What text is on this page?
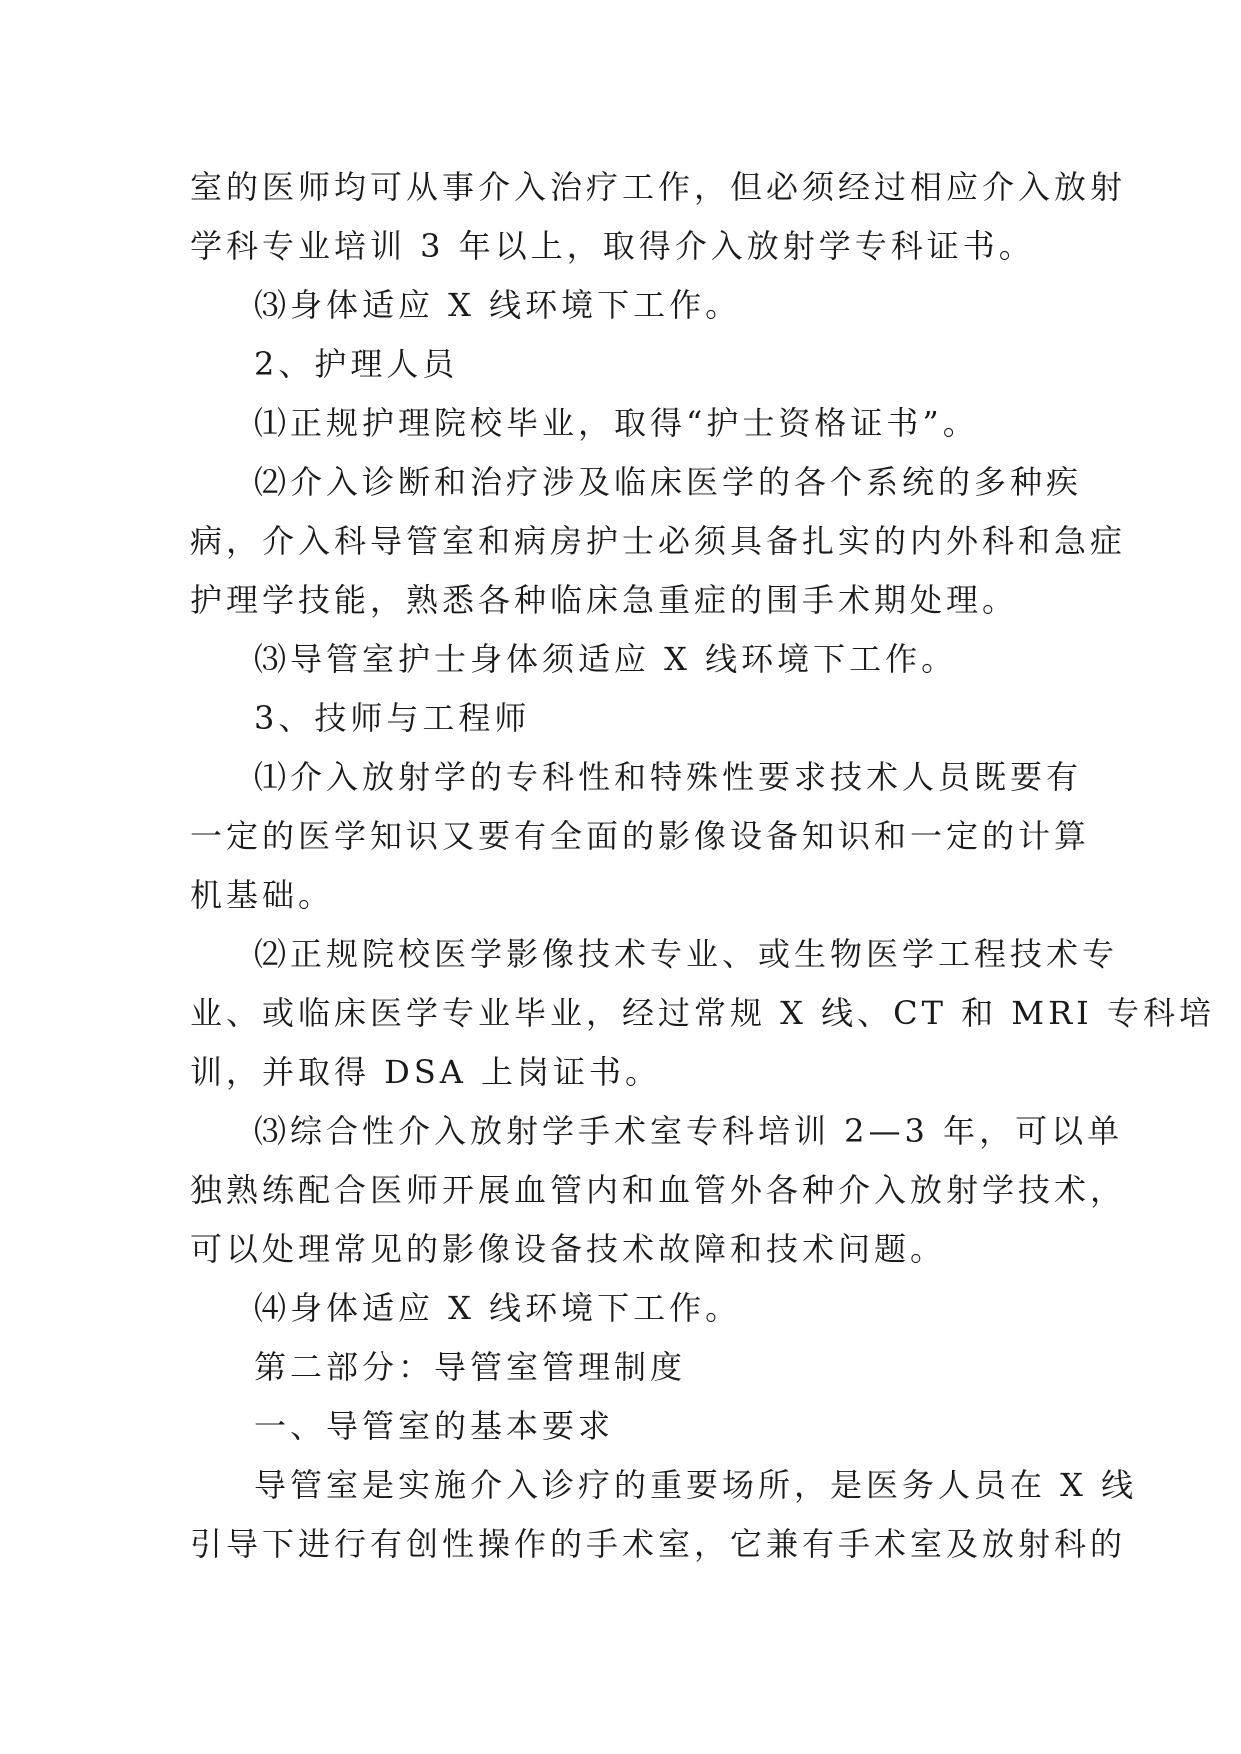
室的医师均可从事介入治疗工作，但必须经过相应介入放射

学科专业培训 3 年以上，取得介入放射学专科证书。

⑶身体适应 X 线环境下工作。

2、护理人员

⑴正规护理院校毕业，取得“护士资格证书”。

⑵介入诊断和治疗涉及临床医学的各个系统的多种疾

病，介入科导管室和病房护士必须具备扎实的内外科和急症

护理学技能，熟悉各种临床急重症的围手术期处理。

⑶导管室护士身体须适应 X 线环境下工作。

3、技师与工程师

⑴介入放射学的专科性和特殊性要求技术人员既要有

一定的医学知识又要有全面的影像设备知识和一定的计算

机基础。

⑵正规院校医学影像技术专业、或生物医学工程技术专

业、或临床医学专业毕业，经过常规 X 线、CT 和 MRI 专科培

训，并取得 DSA 上岗证书。

⑶综合性介入放射学手术室专科培训 2—3 年，可以单

独熟练配合医师开展血管内和血管外各种介入放射学技术，

可以处理常见的影像设备技术故障和技术问题。

⑷身体适应 X 线环境下工作。

第二部分：导管室管理制度

一、导管室的基本要求

导管室是实施介入诊疗的重要场所，是医务人员在 X 线

引导下进行有创性操作的手术室，它兼有手术室及放射科的
